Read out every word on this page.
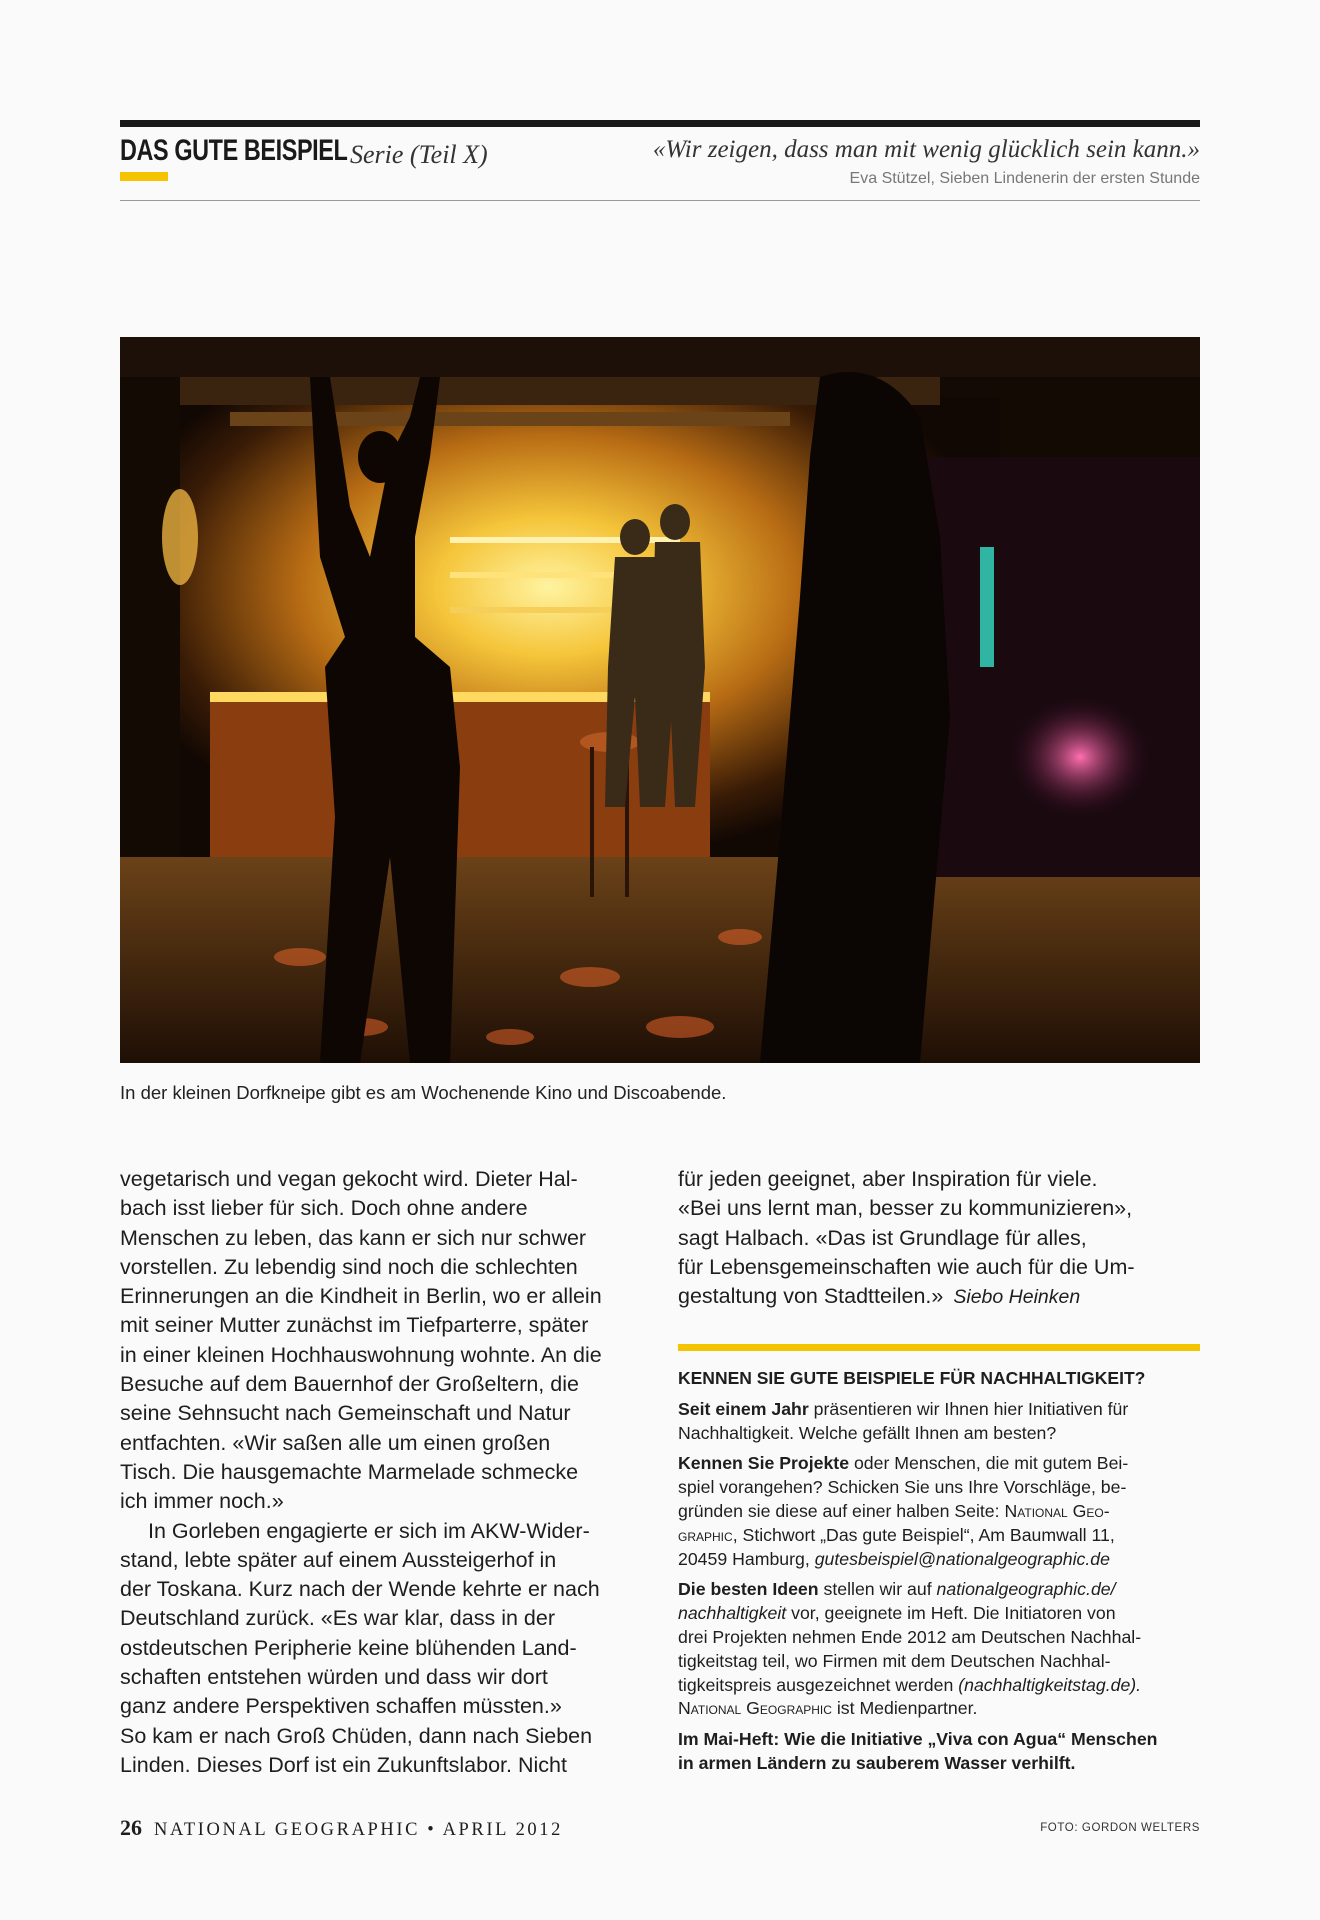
DAS GUTE BEISPIEL Serie (Teil X)	«Wir zeigen, dass man mit wenig glücklich sein kann.»
Eva Stützel, Sieben Lindenerin der ersten Stunde
In der kleinen Dorfkneipe gibt es am Wochenende Kino und Discoabende.
vegetarisch und vegan gekocht wird. Dieter Hal-
bach isst lieber für sich. Doch ohne andere
Menschen zu leben, das kann er sich nur schwer
vorstellen. Zu lebendig sind noch die schlechten
Erinnerungen an die Kindheit in Berlin, wo er allein
mit seiner Mutter zunächst im Tiefparterre, später
in einer kleinen Hochhauswohnung wohnte. An die
Besuche auf dem Bauernhof der Großeltern, die
seine Sehnsucht nach Gemeinschaft und Natur
entfachten. «Wir saßen alle um einen großen
Tisch. Die hausgemachte Marmelade schmecke
ich immer noch.»
In Gorleben engagierte er sich im AKW-Wider-
stand, lebte später auf einem Aussteigerhof in
der Toskana. Kurz nach der Wende kehrte er nach
Deutschland zurück. «Es war klar, dass in der
ostdeutschen Peripherie keine blühenden Land-
schaften entstehen würden und dass wir dort
ganz andere Perspektiven schaffen müssten.»
So kam er nach Groß Chüden, dann nach Sieben
Linden. Dieses Dorf ist ein Zukunftslabor. Nicht
für jeden geeignet, aber Inspiration für viele.
«Bei uns lernt man, besser zu kommunizieren»,
sagt Halbach. «Das ist Grundlage für alles,
für Lebensgemeinschaften wie auch für die Um-
gestaltung von Stadtteilen.» Siebo Heinken
KENNEN SIE GUTE BEISPIELE FÜR NACHHALTIGKEIT?

Seit einem Jahr präsentieren wir Ihnen hier Initiativen für
Nachhaltigkeit. Welche gefällt Ihnen am besten?

Kennen Sie Projekte oder Menschen, die mit gutem Bei-
spiel vorangehen? Schicken Sie uns Ihre Vorschläge, be-
gründen sie diese auf einer halben Seite: National Geo-
graphic, Stichwort „Das gute Beispiel“, Am Baumwall 11,
20459 Hamburg, gutesbeispiel@nationalgeographic.de

Die besten Ideen stellen wir auf nationalgeographic.de/
nachhaltigkeit vor, geeignete im Heft. Die Initiatoren von
drei Projekten nehmen Ende 2012 am Deutschen Nachhal-
tigkeitstag teil, wo Firmen mit dem Deutschen Nachhal-
tigkeitspreis ausgezeichnet werden (nachhaltigkeitstag.de).
National Geographic ist Medienpartner.

Im Mai-Heft: Wie die Initiative „Viva con Agua“ Menschen
in armen Ländern zu sauberem Wasser verhilft.

26 NATIONAL GEOGRAPHIC • APRIL 2012	FOTO: GORDON WELTERS
